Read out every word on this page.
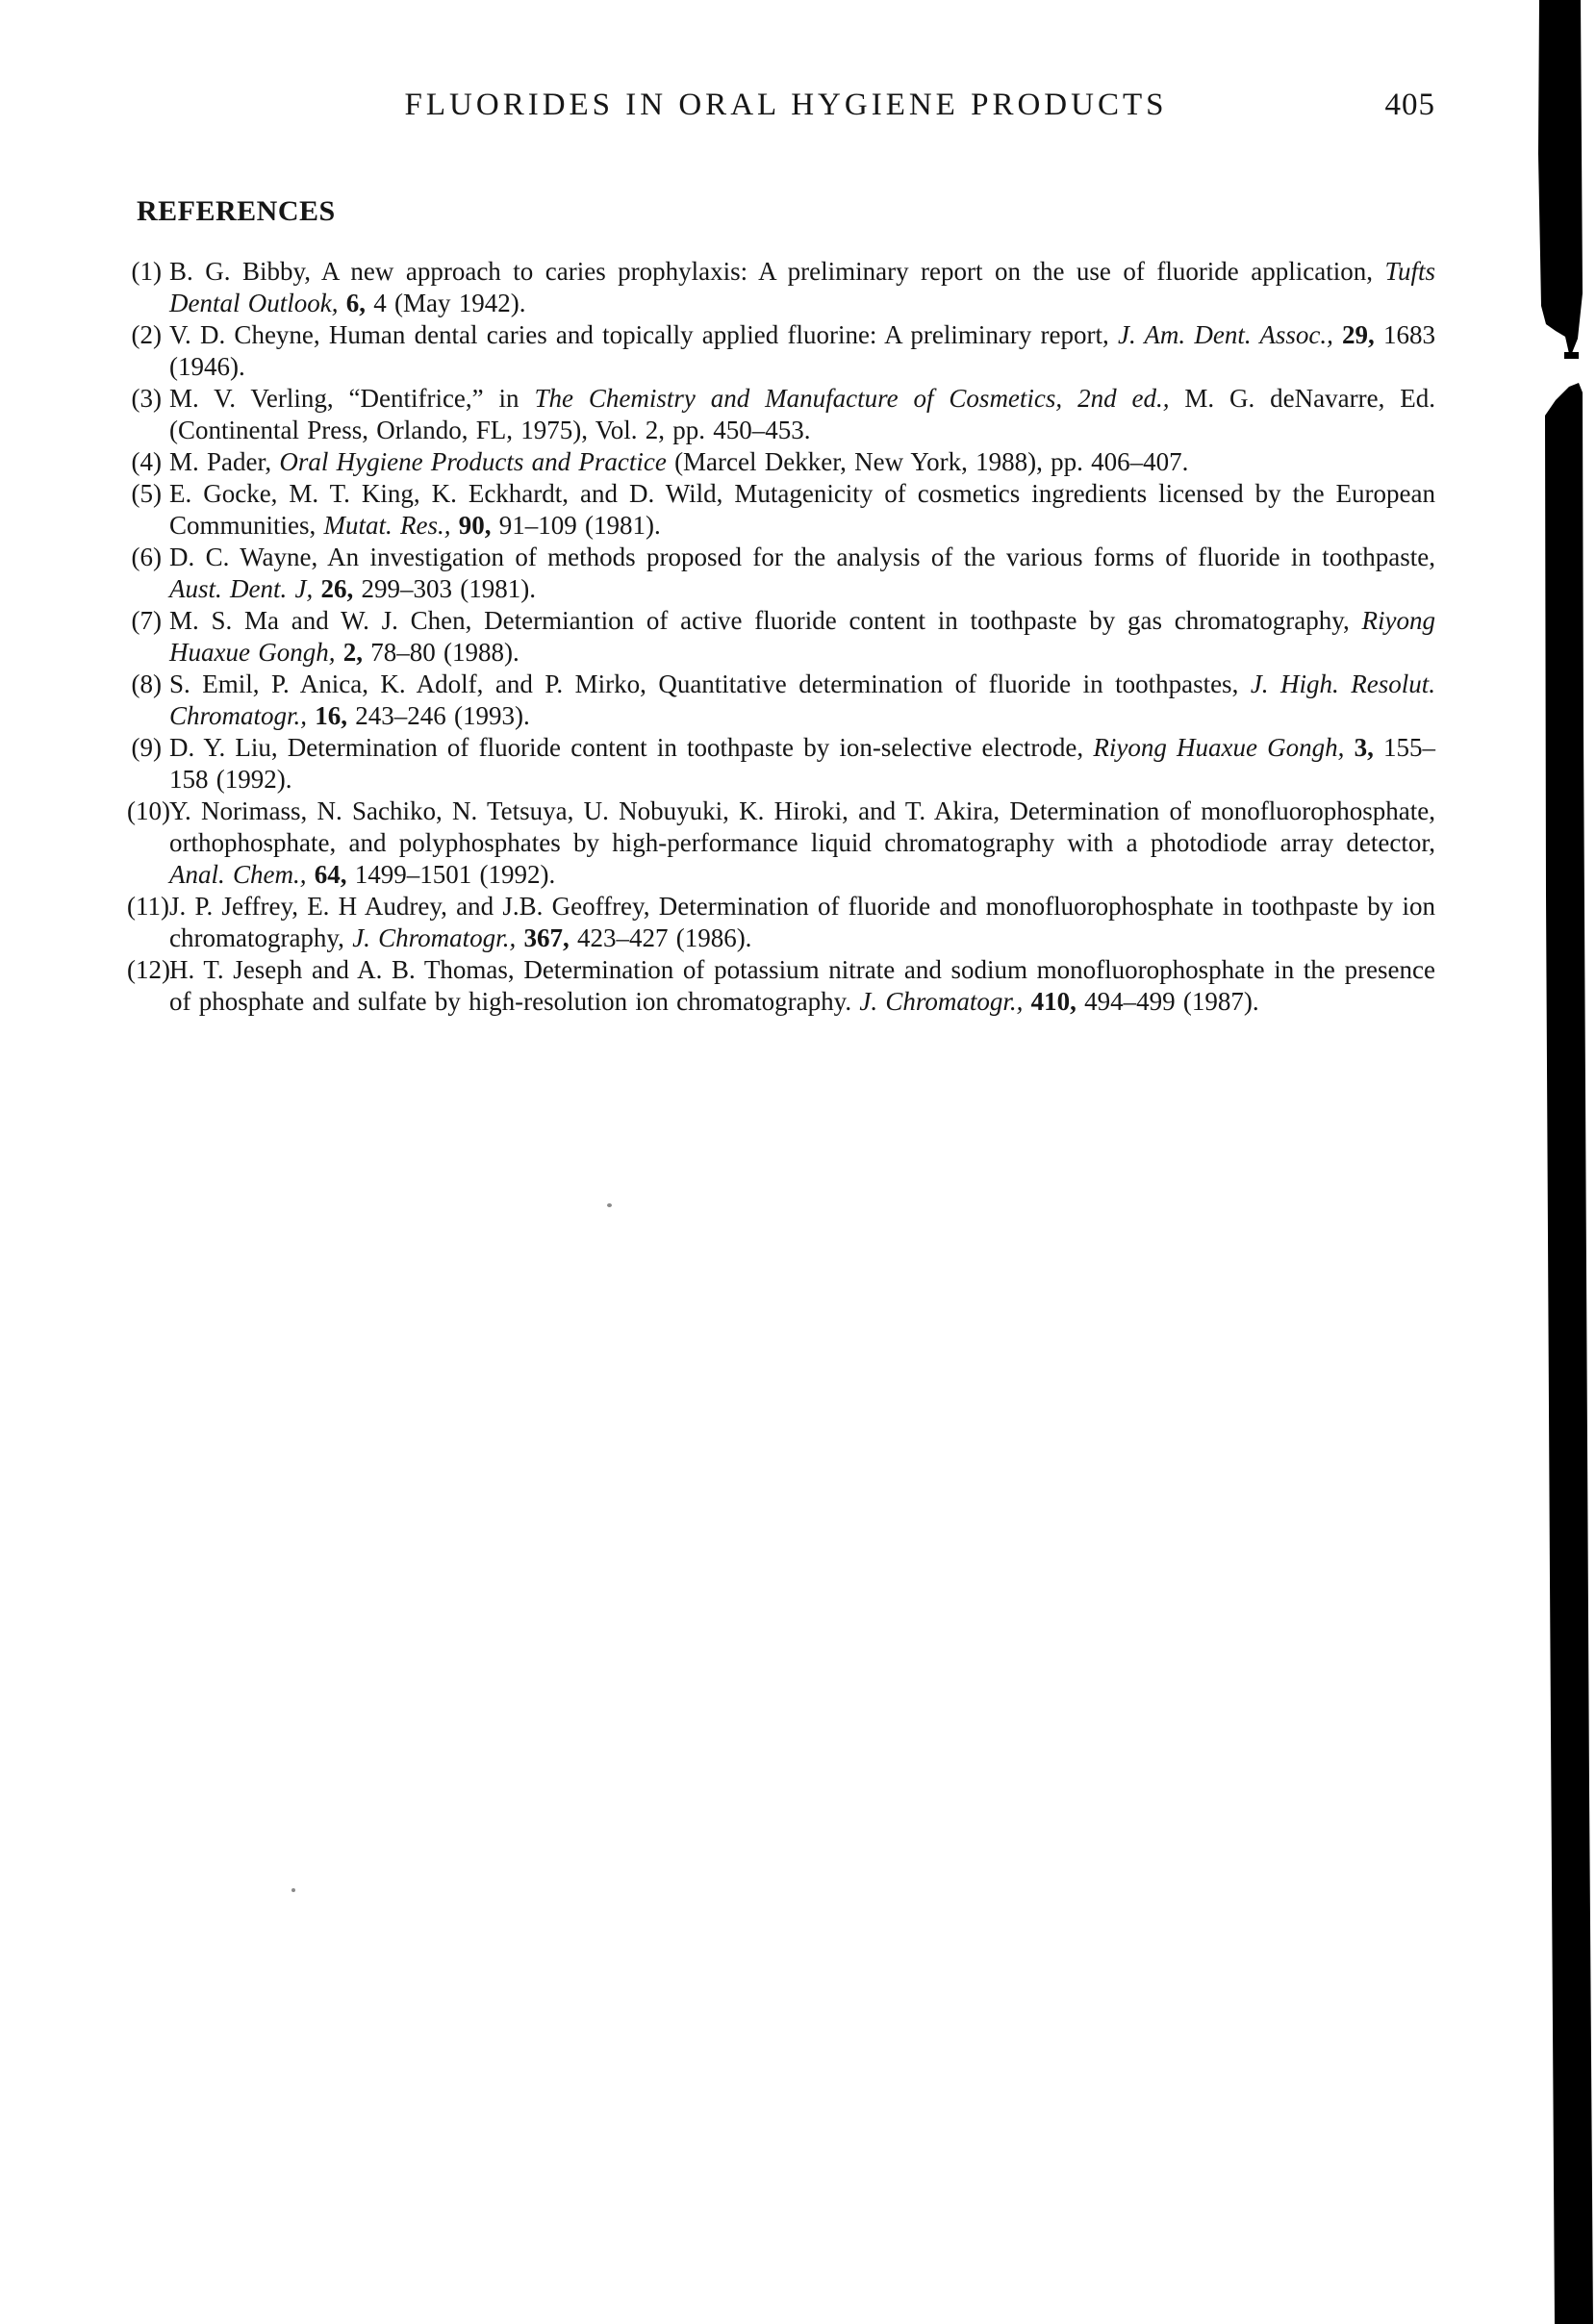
FLUORIDES IN ORAL HYGIENE PRODUCTS	405
REFERENCES
(1) B. G. Bibby, A new approach to caries prophylaxis: A preliminary report on the use of fluoride application, Tufts Dental Outlook, 6, 4 (May 1942).

(2) V. D. Cheyne, Human dental caries and topically applied fluorine: A preliminary report, J. Am. Dent. Assoc., 29, 1683 (1946).

(3) M. V. Verling, “Dentifrice,” in The Chemistry and Manufacture of Cosmetics, 2nd ed., M. G. deNavarre, Ed. (Continental Press, Orlando, FL, 1975), Vol. 2, pp. 450–453.

(4) M. Pader, Oral Hygiene Products and Practice (Marcel Dekker, New York, 1988), pp. 406–407.

(5) E. Gocke, M. T. King, K. Eckhardt, and D. Wild, Mutagenicity of cosmetics ingredients licensed by the European Communities, Mutat. Res., 90, 91–109 (1981).

(6) D. C. Wayne, An investigation of methods proposed for the analysis of the various forms of fluoride in toothpaste, Aust. Dent. J, 26, 299–303 (1981).

(7) M. S. Ma and W. J. Chen, Determiantion of active fluoride content in toothpaste by gas chromatography, Riyong Huaxue Gongh, 2, 78–80 (1988).

(8) S. Emil, P. Anica, K. Adolf, and P. Mirko, Quantitative determination of fluoride in toothpastes, J. High. Resolut. Chromatogr., 16, 243–246 (1993).

(9) D. Y. Liu, Determination of fluoride content in toothpaste by ion-selective electrode, Riyong Huaxue Gongh, 3, 155–158 (1992).

(10) Y. Norimass, N. Sachiko, N. Tetsuya, U. Nobuyuki, K. Hiroki, and T. Akira, Determination of monofluorophosphate, orthophosphate, and polyphosphates by high-performance liquid chromatography with a photodiode array detector, Anal. Chem., 64, 1499–1501 (1992).

(11) J. P. Jeffrey, E. H Audrey, and J.B. Geoffrey, Determination of fluoride and monofluorophosphate in toothpaste by ion chromatography, J. Chromatogr., 367, 423–427 (1986).

(12) H. T. Jeseph and A. B. Thomas, Determination of potassium nitrate and sodium monofluorophosphate in the presence of phosphate and sulfate by high-resolution ion chromatography. J. Chromatogr., 410, 494–499 (1987).
